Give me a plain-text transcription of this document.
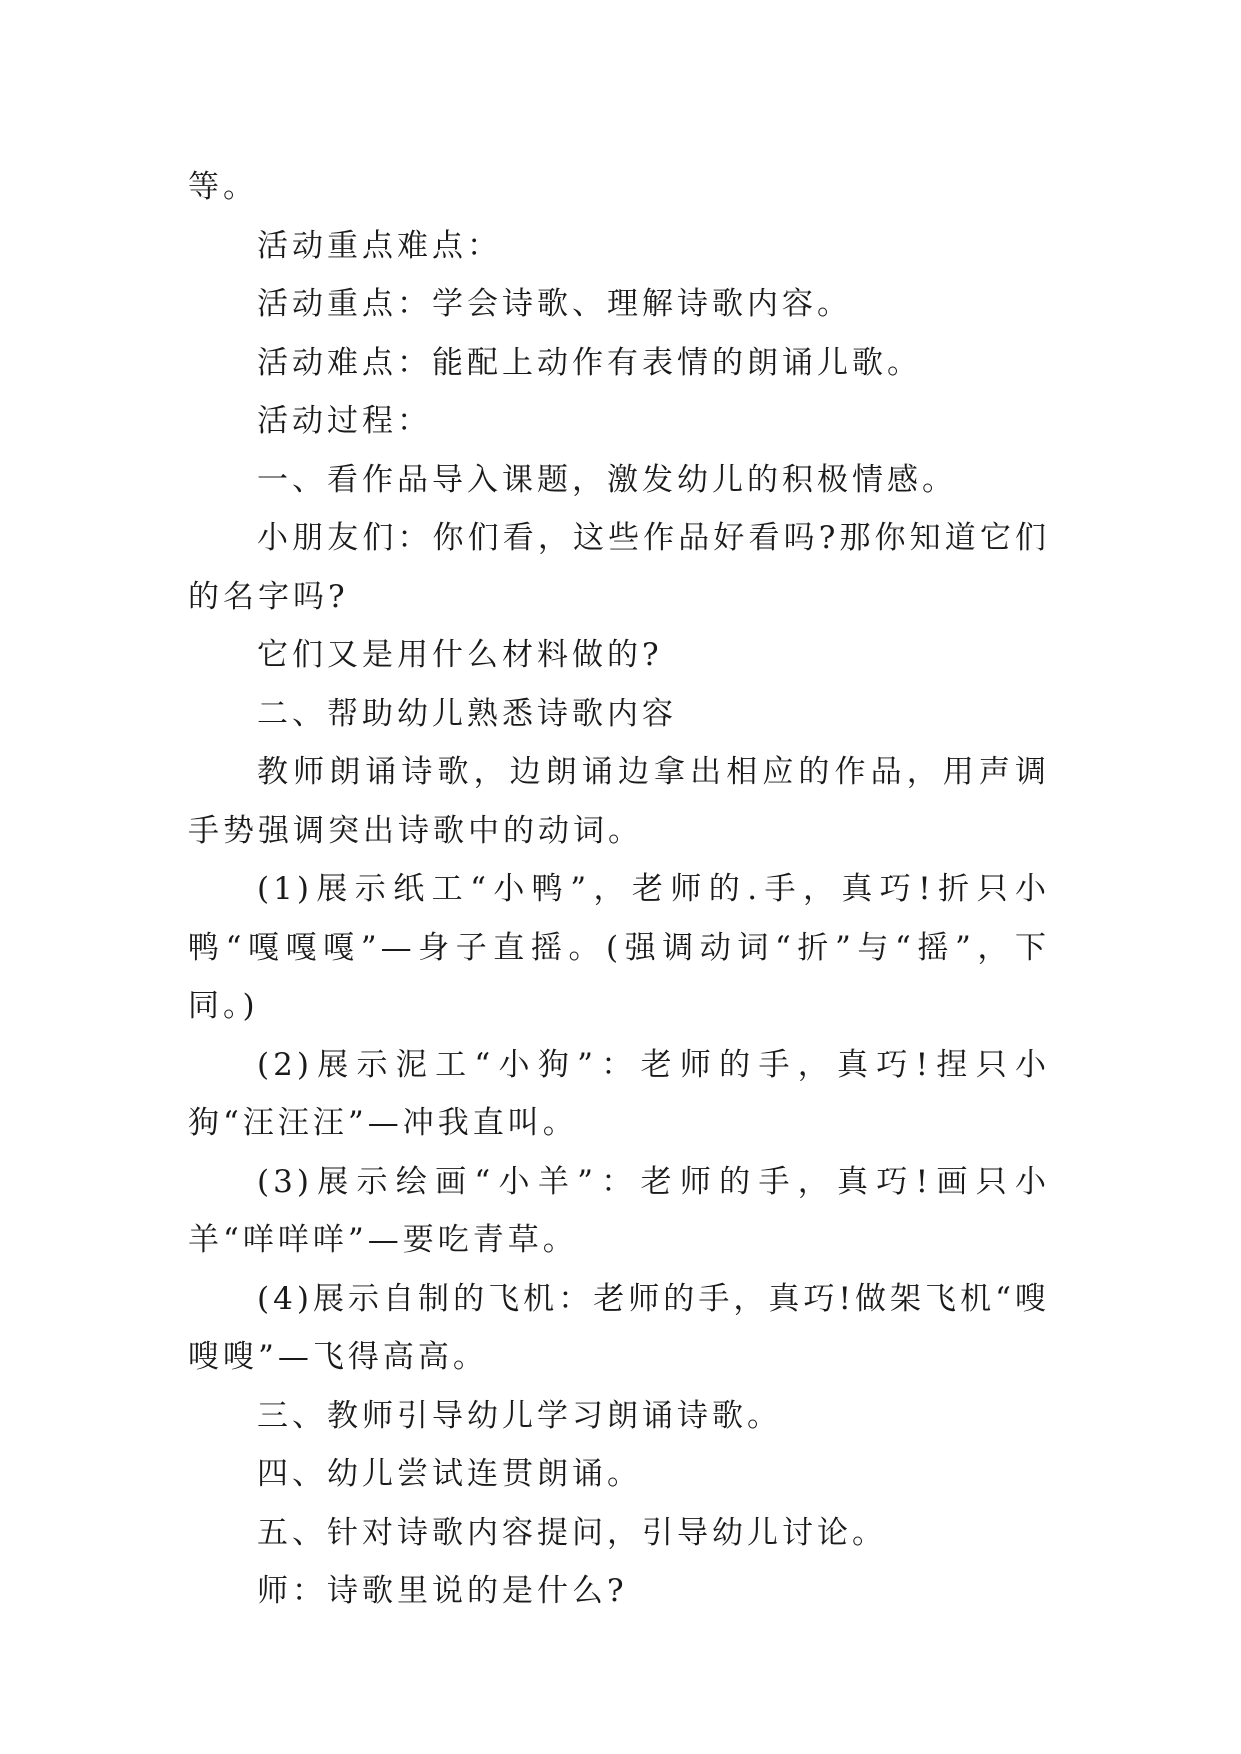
等。

活动重点难点：

活动重点：学会诗歌、理解诗歌内容。

活动难点：能配上动作有表情的朗诵儿歌。

活动过程：

一、看作品导入课题，激发幼儿的积极情感。

小朋友们：你们看，这些作品好看吗?那你知道它们的名字吗?

它们又是用什么材料做的?

二、帮助幼儿熟悉诗歌内容

教师朗诵诗歌，边朗诵边拿出相应的作品，用声调手势强调突出诗歌中的动词。

(1)展示纸工“小鸭”，老师的.手，真巧!折只小鸭“嘎嘎嘎”—身子直摇。(强调动词“折”与“摇”，下同。)

(2)展示泥工“小狗”：老师的手，真巧!捏只小狗“汪汪汪”—冲我直叫。

(3)展示绘画“小羊”：老师的手，真巧!画只小羊“咩咩咩”—要吃青草。

(4)展示自制的飞机：老师的手，真巧!做架飞机“嗖嗖嗖”—飞得高高。

三、教师引导幼儿学习朗诵诗歌。

四、幼儿尝试连贯朗诵。

五、针对诗歌内容提问，引导幼儿讨论。

师：诗歌里说的是什么?
